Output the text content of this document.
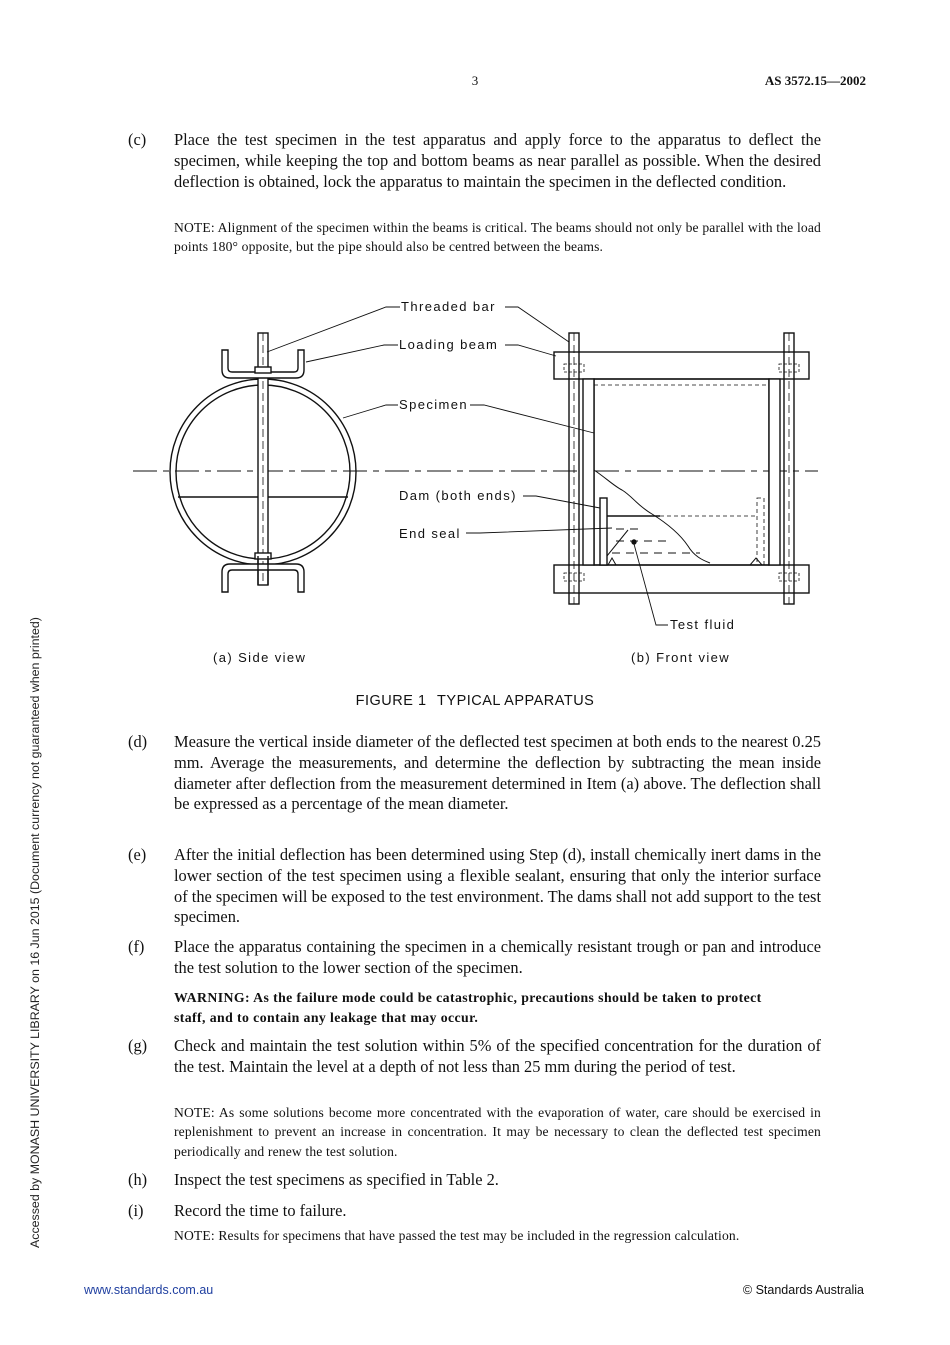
3	AS 3572.15—2002
(c) Place the test specimen in the test apparatus and apply force to the apparatus to deflect the specimen, while keeping the top and bottom beams as near parallel as possible. When the desired deflection is obtained, lock the apparatus to maintain the specimen in the deflected condition.
NOTE: Alignment of the specimen within the beams is critical. The beams should not only be parallel with the load points 180° opposite, but the pipe should also be centred between the beams.
Threaded bar
Loading beam
Specimen
Dam (both ends)
End seal
Test fluid
(a) Side view	(b) Front view
FIGURE 1 TYPICAL APPARATUS
(d) Measure the vertical inside diameter of the deflected test specimen at both ends to the nearest 0.25 mm. Average the measurements, and determine the deflection by subtracting the mean inside diameter after deflection from the measurement determined in Item (a) above. The deflection shall be expressed as a percentage of the mean diameter.
(e) After the initial deflection has been determined using Step (d), install chemically inert dams in the lower section of the test specimen using a flexible sealant, ensuring that only the interior surface of the specimen will be exposed to the test environment. The dams shall not add support to the test specimen.
(f) Place the apparatus containing the specimen in a chemically resistant trough or pan and introduce the test solution to the lower section of the specimen.
WARNING: As the failure mode could be catastrophic, precautions should be taken to protect staff, and to contain any leakage that may occur.
(g) Check and maintain the test solution within 5% of the specified concentration for the duration of the test. Maintain the level at a depth of not less than 25 mm during the period of test.
NOTE: As some solutions become more concentrated with the evaporation of water, care should be exercised in replenishment to prevent an increase in concentration. It may be necessary to clean the deflected test specimen periodically and renew the test solution.
(h) Inspect the test specimens as specified in Table 2.
(i) Record the time to failure.
NOTE: Results for specimens that have passed the test may be included in the regression calculation.
Accessed by MONASH UNIVERSITY LIBRARY on 16 Jun 2015 (Document currency not guaranteed when printed)
www.standards.com.au	© Standards Australia
